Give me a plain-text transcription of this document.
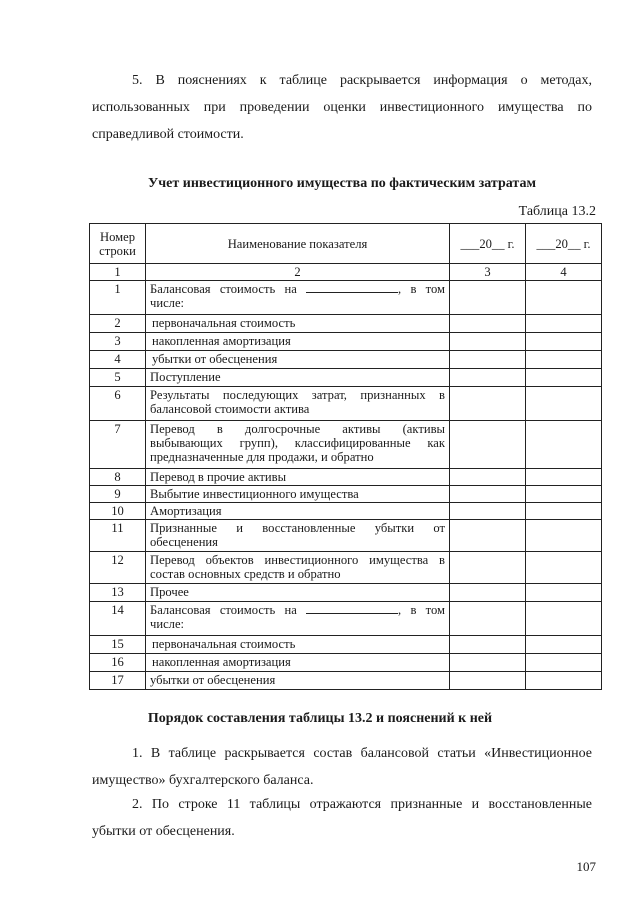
5. В пояснениях к таблице раскрывается информация о методах, использованных при проведении оценки инвестиционного имущества по справедливой стоимости.

Учет инвестиционного имущества по фактическим затратам

Таблица 13.2
Номер строки	Наименование показателя	___20__ г.	___20__ г.
1	2	3	4
1	Балансовая стоимость на , в том числе:		
2	первоначальная стоимость		
3	накопленная амортизация		
4	убытки от обесценения		
5	Поступление		
6	Результаты последующих затрат, признанных в балансовой стоимости актива		
7	Перевод в долгосрочные активы (активы выбывающих групп), классифицированные как предназначенные для продажи, и обратно		
8	Перевод в прочие активы		
9	Выбытие инвестиционного имущества		
10	Амортизация		
11	Признанные и восстановленные убытки от обесценения		
12	Перевод объектов инвестиционного имущества в состав основных средств и обратно		
13	Прочее		
14	Балансовая стоимость на , в том числе:		
15	первоначальная стоимость		
16	накопленная амортизация		
17	убытки от обесценения		

Порядок составления таблицы 13.2 и пояснений к ней

1. В таблице раскрывается состав балансовой статьи «Инвестиционное имущество» бухгалтерского баланса.

2. По строке 11 таблицы отражаются признанные и восстановленные убытки от обесценения.

107
